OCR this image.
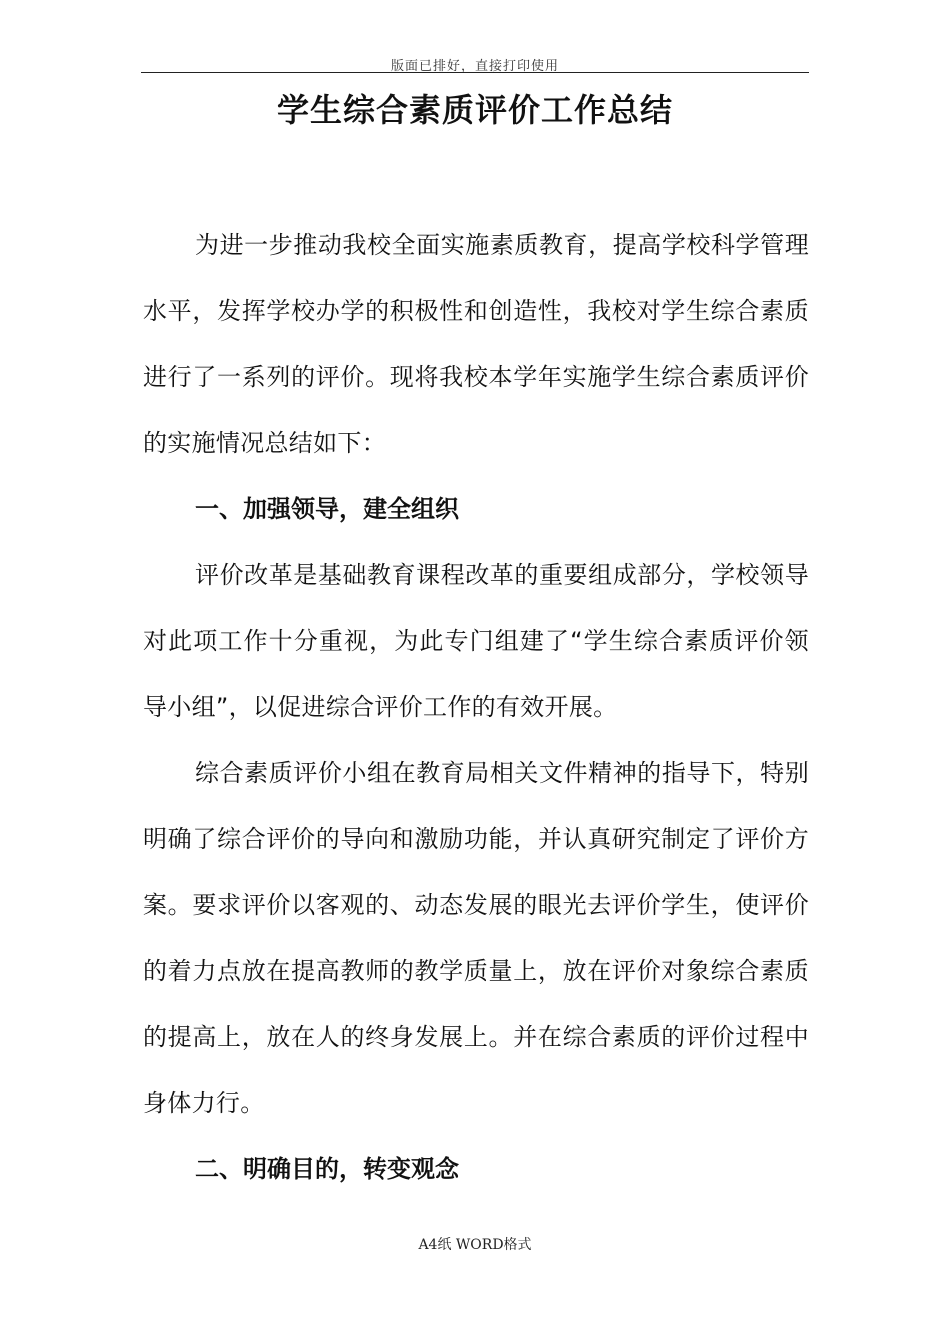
版面已排好，直接打印使用
学生综合素质评价工作总结

为进一步推动我校全面实施素质教育，提高学校科学管理水平，发挥学校办学的积极性和创造性，我校对学生综合素质进行了一系列的评价。现将我校本学年实施学生综合素质评价的实施情况总结如下：

一、加强领导，建全组织

评价改革是基础教育课程改革的重要组成部分，学校领导对此项工作十分重视，为此专门组建了“学生综合素质评价领导小组”，以促进综合评价工作的有效开展。

综合素质评价小组在教育局相关文件精神的指导下，特别明确了综合评价的导向和激励功能，并认真研究制定了评价方案。要求评价以客观的、动态发展的眼光去评价学生，使评价的着力点放在提高教师的教学质量上，放在评价对象综合素质的提高上，放在人的终身发展上。并在综合素质的评价过程中身体力行。

二、明确目的，转变观念

A4纸 WORD格式
